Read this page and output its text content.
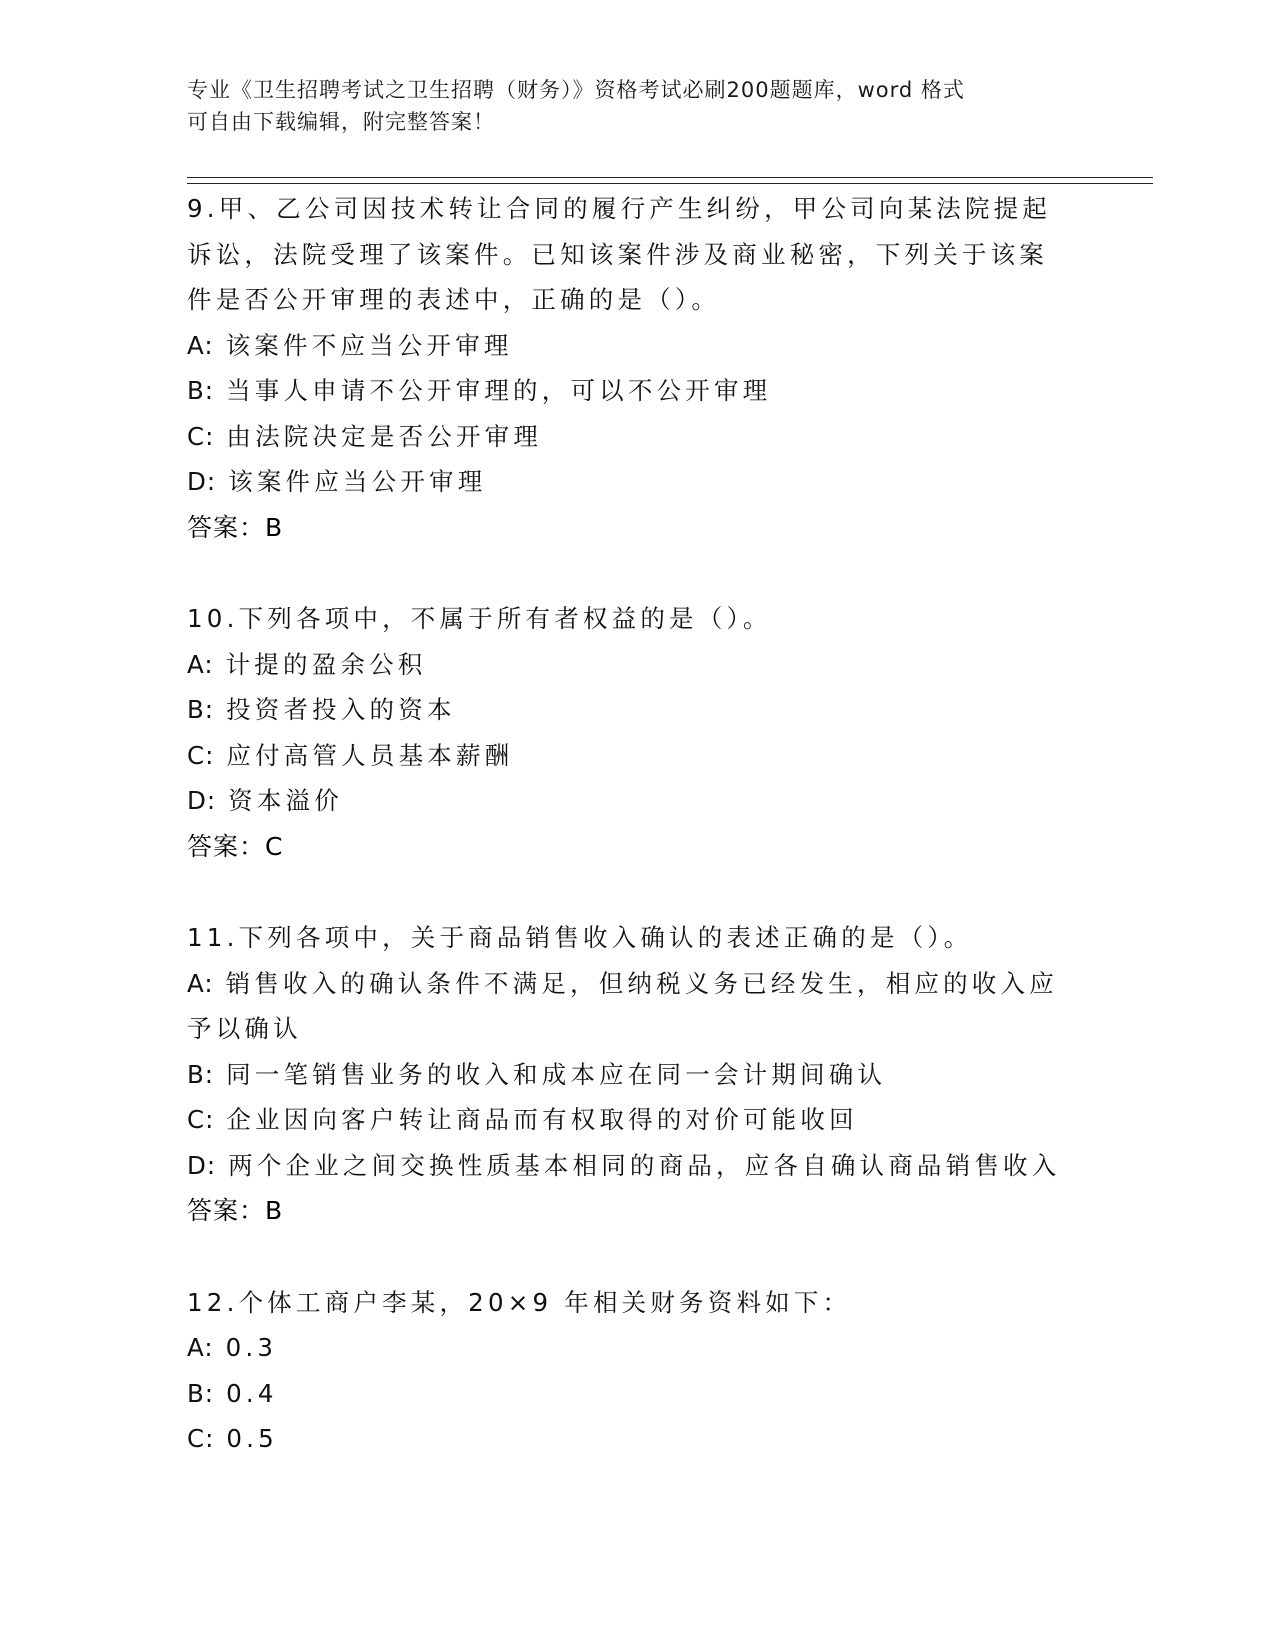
专业《卫生招聘考试之卫生招聘（财务）》资格考试必刷200题题库，word 格式
可自由下载编辑，附完整答案！

9.甲、乙公司因技术转让合同的履行产生纠纷，甲公司向某法院提起

诉讼，法院受理了该案件。已知该案件涉及商业秘密，下列关于该案

件是否公开审理的表述中，正确的是（）。

A: 该案件不应当公开审理
B: 当事人申请不公开审理的，可以不公开审理
C: 由法院决定是否公开审理
D: 该案件应当公开审理

答案：B

10.下列各项中，不属于所有者权益的是（）。

A: 计提的盈余公积
B: 投资者投入的资本
C: 应付高管人员基本薪酬
D: 资本溢价

答案：C

11.下列各项中，关于商品销售收入确认的表述正确的是（）。

A: 销售收入的确认条件不满足，但纳税义务已经发生，相应的收入应
予以确认
B: 同一笔销售业务的收入和成本应在同一会计期间确认
C: 企业因向客户转让商品而有权取得的对价可能收回
D: 两个企业之间交换性质基本相同的商品，应各自确认商品销售收入

答案：B

12.个体工商户李某，20×9 年相关财务资料如下：

A: 0.3
B: 0.4
C: 0.5
